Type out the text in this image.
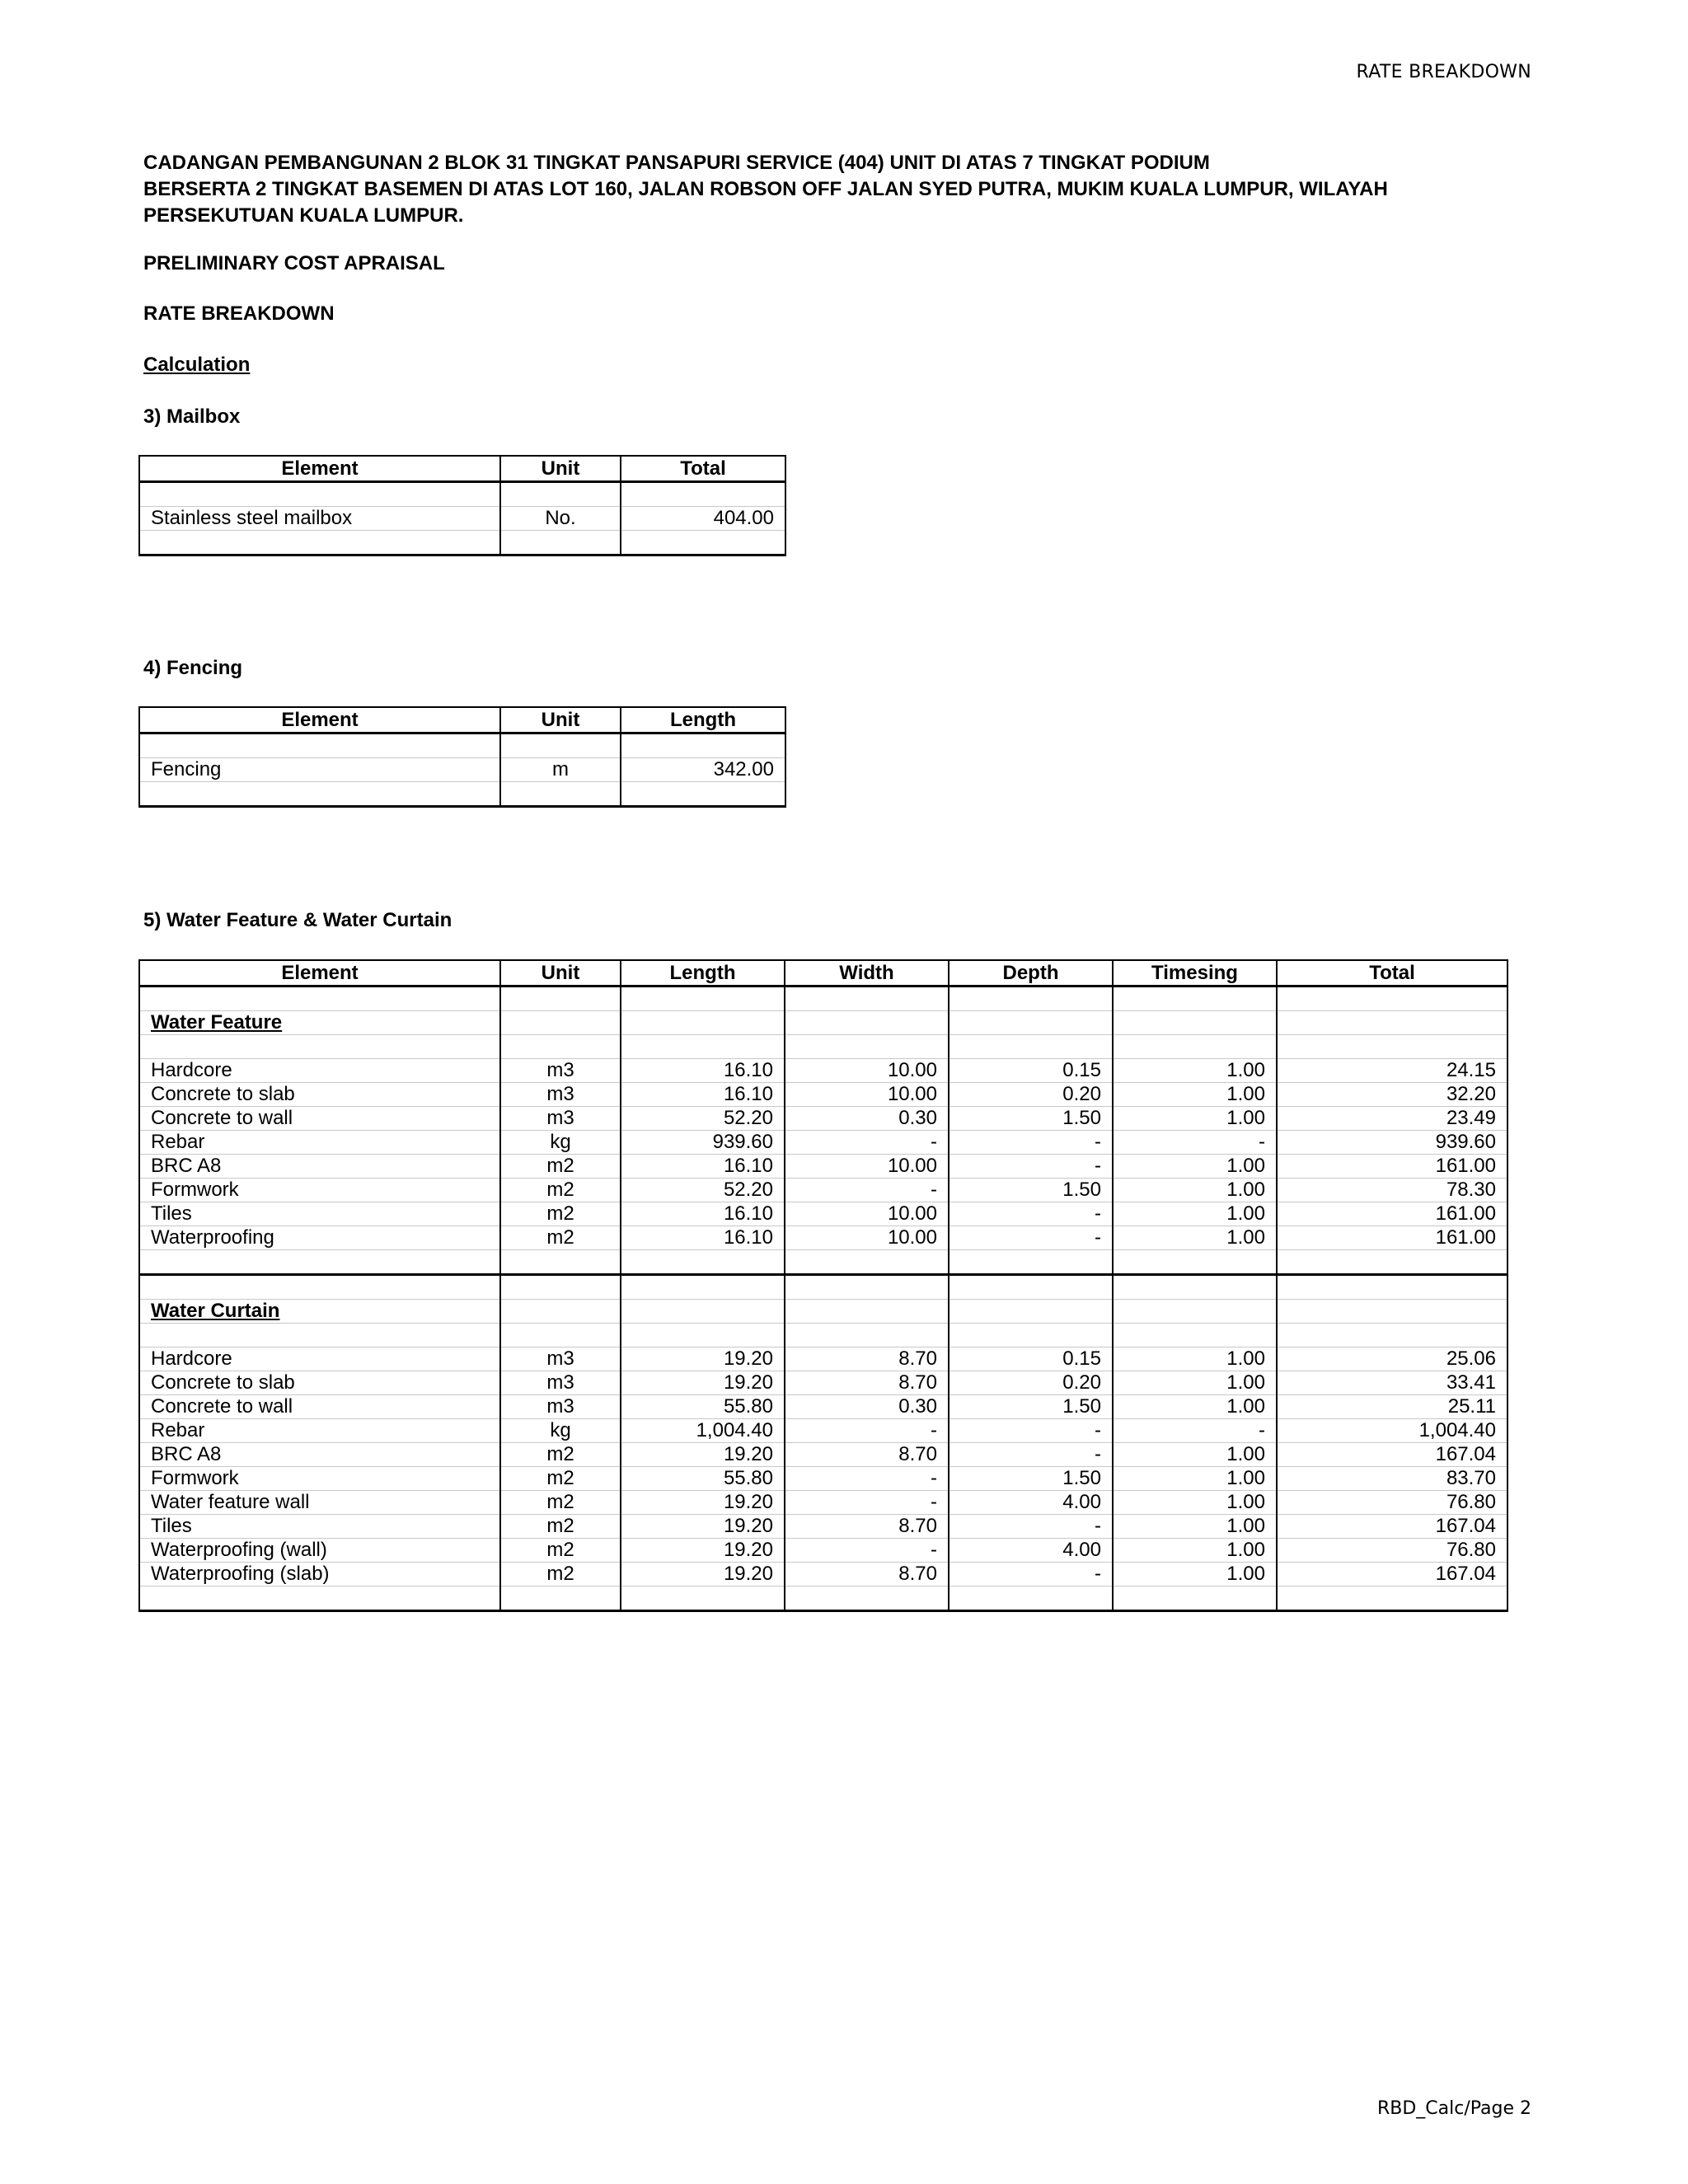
RATE BREAKDOWN
CADANGAN PEMBANGUNAN 2 BLOK 31 TINGKAT PANSAPURI SERVICE (404) UNIT DI ATAS 7 TINGKAT PODIUM
BERSERTA 2 TINGKAT BASEMEN DI ATAS LOT 160, JALAN ROBSON OFF JALAN SYED PUTRA, MUKIM KUALA LUMPUR, WILAYAH
PERSEKUTUAN KUALA LUMPUR.
PRELIMINARY COST APRAISAL
RATE BREAKDOWN
Calculation
3) Mailbox
Element	Unit	Total

Stainless steel mailbox	No.	404.00

4) Fencing
Element	Unit	Length

Fencing	m	342.00

5) Water Feature & Water Curtain
Element	Unit	Length	Width	Depth	Timesing	Total

Water Feature						

Hardcore	m3	16.10	10.00	0.15	1.00	24.15
Concrete to slab	m3	16.10	10.00	0.20	1.00	32.20
Concrete to wall	m3	52.20	0.30	1.50	1.00	23.49
Rebar	kg	939.60	-	-	-	939.60
BRC A8	m2	16.10	10.00	-	1.00	161.00
Formwork	m2	52.20	-	1.50	1.00	78.30
Tiles	m2	16.10	10.00	-	1.00	161.00
Waterproofing	m2	16.10	10.00	-	1.00	161.00

Water Curtain						

Hardcore	m3	19.20	8.70	0.15	1.00	25.06
Concrete to slab	m3	19.20	8.70	0.20	1.00	33.41
Concrete to wall	m3	55.80	0.30	1.50	1.00	25.11
Rebar	kg	1,004.40	-	-	-	1,004.40
BRC A8	m2	19.20	8.70	-	1.00	167.04
Formwork	m2	55.80	-	1.50	1.00	83.70
Water feature wall	m2	19.20	-	4.00	1.00	76.80
Tiles	m2	19.20	8.70	-	1.00	167.04
Waterproofing (wall)	m2	19.20	-	4.00	1.00	76.80
Waterproofing (slab)	m2	19.20	8.70	-	1.00	167.04

RBD_Calc/Page 2
